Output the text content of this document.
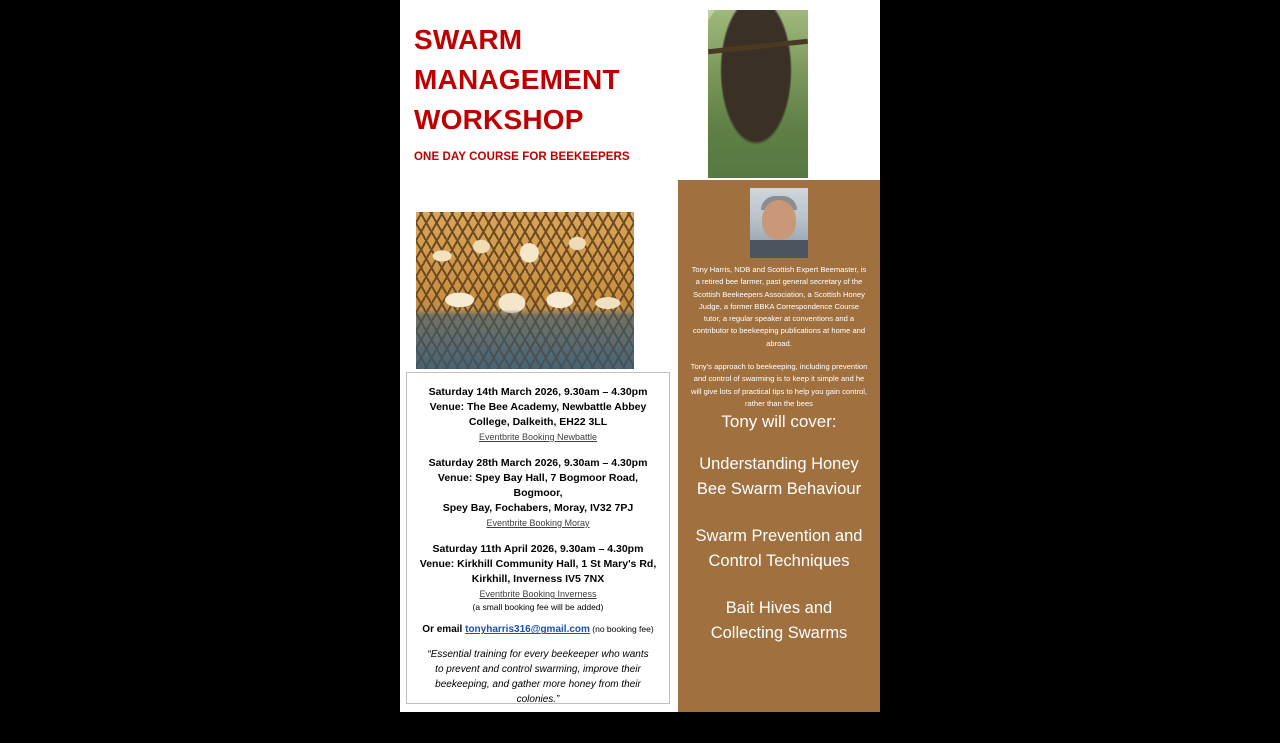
SWARM
MANAGEMENT
WORKSHOP
ONE DAY COURSE FOR BEEKEEPERS
Saturday 14th March 2026, 9.30am – 4.30pm
Venue: The Bee Academy, Newbattle Abbey
College, Dalkeith, EH22 3LL
Eventbrite Booking Newbattle
Saturday 28th March 2026, 9.30am – 4.30pm
Venue: Spey Bay Hall, 7 Bogmoor Road, Bogmoor,
Spey Bay, Fochabers, Moray, IV32 7PJ
Eventbrite Booking Moray
Saturday 11th April 2026, 9.30am – 4.30pm
Venue: Kirkhill Community Hall, 1 St Mary's Rd,
Kirkhill, Inverness IV5 7NX
Eventbrite Booking Inverness
(a small booking fee will be added)
Or email tonyharris316@gmail.com (no booking fee)
“Essential training for every beekeeper who wants to prevent and control swarming, improve their beekeeping, and gather more honey from their colonies.”
Tickets £30

Tony Harris, NDB and Scottish Expert Beemaster, is a retired bee farmer, past general secretary of the Scottish Beekeepers Association, a Scottish Honey Judge, a former BBKA Correspondence Course tutor, a regular speaker at conventions and a contributor to beekeeping publications at home and abroad.

Tony's approach to beekeeping, including prevention and control of swarming is to keep it simple and he will give lots of practical tips to help you gain control, rather than the bees

Tony will cover:
Understanding Honey Bee Swarm Behaviour
Swarm Prevention and Control Techniques
Bait Hives and Collecting Swarms
